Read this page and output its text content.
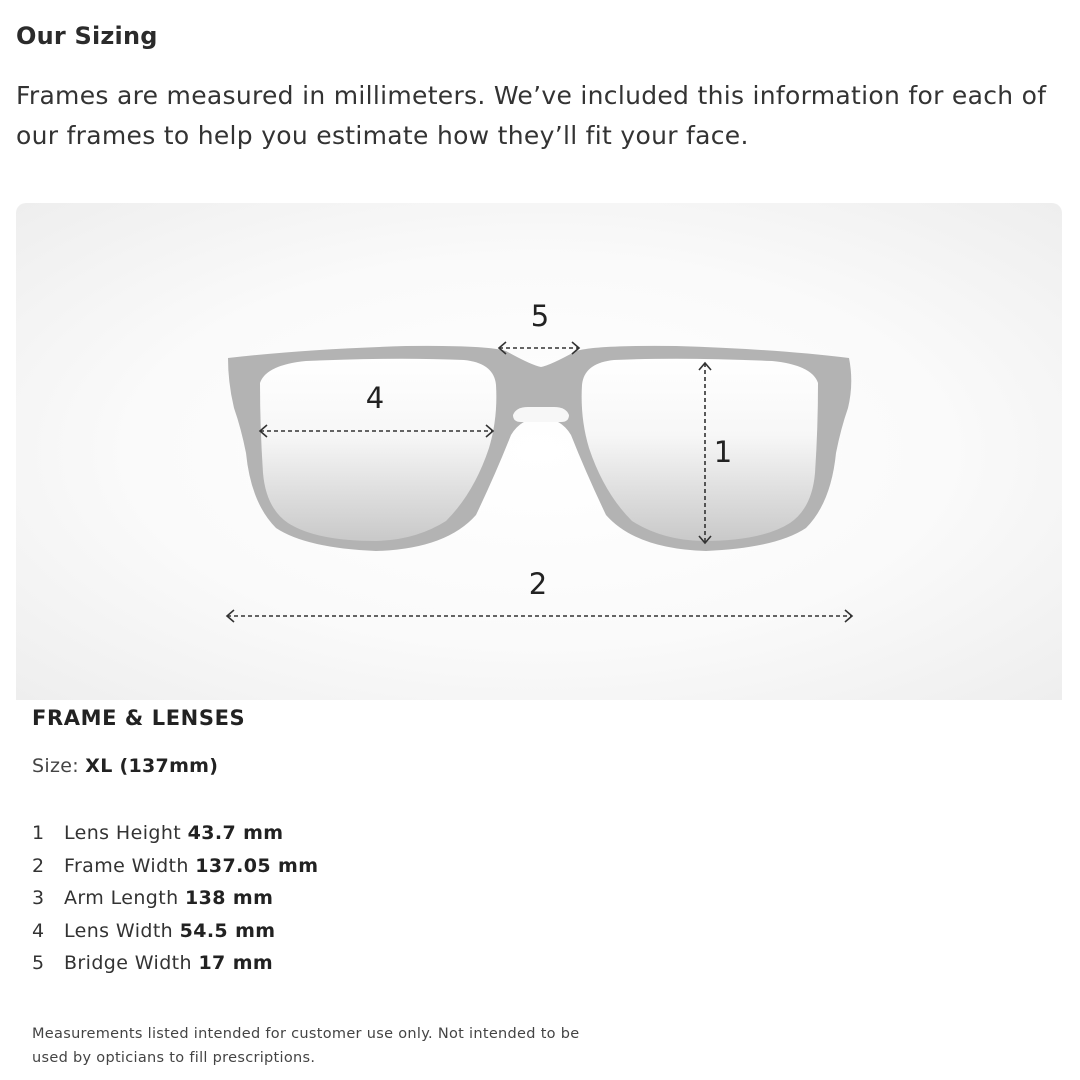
Our Sizing

Frames are measured in millimeters. We’ve included this information for each of our frames to help you estimate how they’ll fit your face.

5
4
1
2
FRAME & LENSES

Size: XL (137mm)

1 Lens Height 43.7 mm
2 Frame Width 137.05 mm
3 Arm Length 138 mm
4 Lens Width 54.5 mm
5 Bridge Width 17 mm

Measurements listed intended for customer use only. Not intended to be used by opticians to fill prescriptions.
